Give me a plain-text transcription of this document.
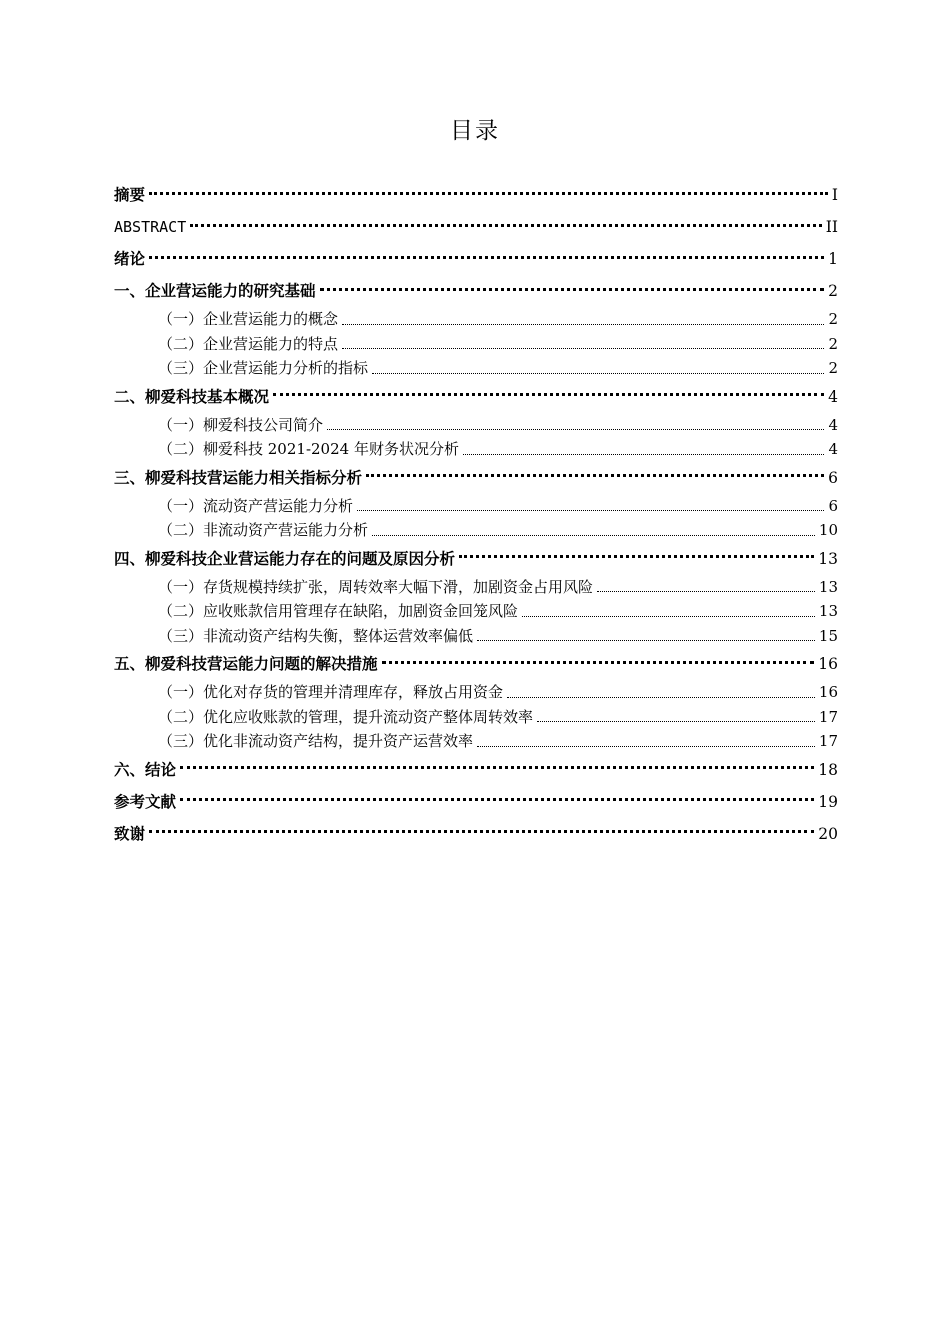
目录
摘要	I
ABSTRACT	II
绪论	1
一、企业营运能力的研究基础	2
（一）企业营运能力的概念	2
（二）企业营运能力的特点	2
（三）企业营运能力分析的指标	2
二、柳爱科技基本概况	4
（一）柳爱科技公司简介	4
（二）柳爱科技 2021-2024 年财务状况分析	4
三、柳爱科技营运能力相关指标分析	6
（一）流动资产营运能力分析	6
（二）非流动资产营运能力分析	10
四、柳爱科技企业营运能力存在的问题及原因分析	13
（一）存货规模持续扩张，周转效率大幅下滑，加剧资金占用风险	13
（二）应收账款信用管理存在缺陷，加剧资金回笼风险	13
（三）非流动资产结构失衡，整体运营效率偏低	15
五、柳爱科技营运能力问题的解决措施	16
（一）优化对存货的管理并清理库存，释放占用资金	16
（二）优化应收账款的管理，提升流动资产整体周转效率	17
（三）优化非流动资产结构，提升资产运营效率	17
六、结论	18
参考文献	19
致谢	20
